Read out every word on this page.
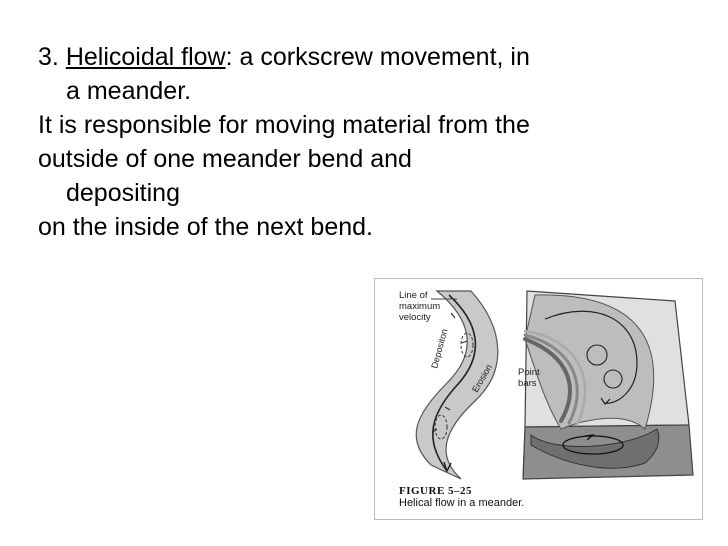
3. Helicoidal flow: a corkscrew movement, in

a meander.

It is responsible for moving material from the

outside of one meander bend and

depositing

on the inside of the next bend.

Line of
maximum
velocity
Depositon
Erosion	Point
bars
FIGURE 5–25
Helical flow in a meander.
